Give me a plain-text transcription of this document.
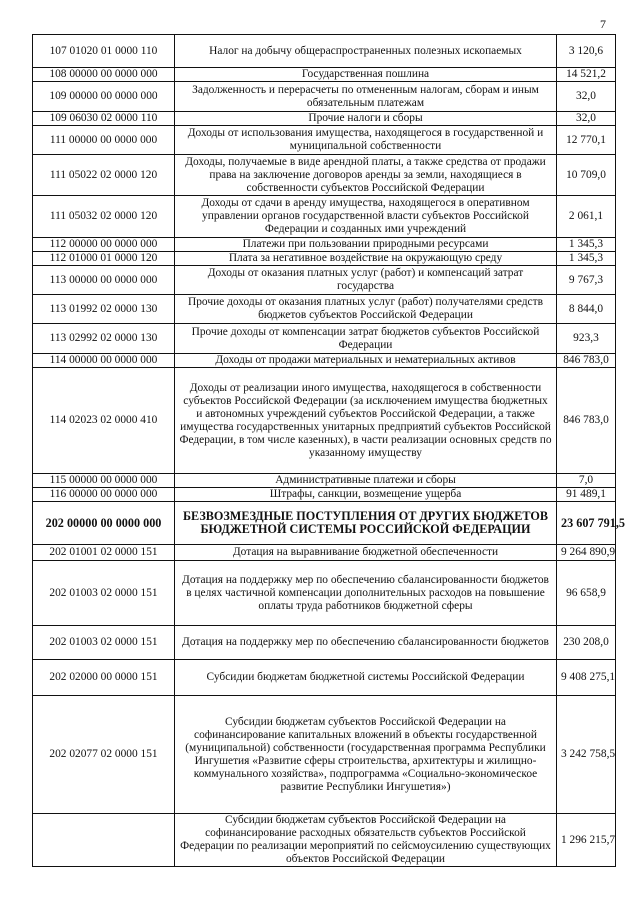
7
107 01020 01 0000 110	Налог на добычу общераспространенных полезных ископаемых	3 120,6
108 00000 00 0000 000	Государственная пошлина	14 521,2
109 00000 00 0000 000	Задолженность и перерасчеты по отмененным налогам, сборам и иным обязательным платежам	32,0
109 06030 02 0000 110	Прочие налоги и сборы	32,0
111 00000 00 0000 000	Доходы от использования имущества, находящегося в государственной и муниципальной собственности	12 770,1
111 05022 02 0000 120	Доходы, получаемые в виде арендной платы, а также средства от продажи права на заключение договоров аренды за земли, находящиеся в собственности субъектов Российской Федерации	10 709,0
111 05032 02 0000 120	Доходы от сдачи в аренду имущества, находящегося в оперативном управлении органов государственной власти субъектов Российской Федерации и созданных ими учреждений	2 061,1
112 00000 00 0000 000	Платежи при пользовании природными ресурсами	1 345,3
112 01000 01 0000 120	Плата за негативное воздействие на окружающую среду	1 345,3
113 00000 00 0000 000	Доходы от оказания платных услуг (работ) и компенсаций затрат государства	9 767,3
113 01992 02 0000 130	Прочие доходы от оказания платных услуг (работ) получателями средств бюджетов субъектов Российской Федерации	8 844,0
113 02992 02 0000 130	Прочие доходы от компенсации затрат бюджетов субъектов Российской Федерации	923,3
114 00000 00 0000 000	Доходы от продажи материальных и нематериальных активов	846 783,0
114 02023 02 0000 410	Доходы от реализации иного имущества, находящегося в собственности субъектов Российской Федерации (за исключением имущества бюджетных и автономных учреждений субъектов Российской Федерации, а также имущества государственных унитарных предприятий субъектов Российской Федерации, в том числе казенных), в части реализации основных средств по указанному имуществу	846 783,0
115 00000 00 0000 000	Административные платежи и сборы	7,0
116 00000 00 0000 000	Штрафы, санкции, возмещение ущерба	91 489,1
202 00000 00 0000 000	БЕЗВОЗМЕЗДНЫЕ ПОСТУПЛЕНИЯ ОТ ДРУГИХ БЮДЖЕТОВ БЮДЖЕТНОЙ СИСТЕМЫ РОССИЙСКОЙ ФЕДЕРАЦИИ	23 607 791,5
202 01001 02 0000 151	Дотация на выравнивание бюджетной обеспеченности	9 264 890,9
202 01003 02 0000 151	Дотация на поддержку мер по обеспечению сбалансированности бюджетов в целях частичной компенсации дополнительных расходов на повышение оплаты труда работников бюджетной сферы	96 658,9
202 01003 02 0000 151	Дотация на поддержку мер по обеспечению сбалансированности бюджетов	230 208,0
202 02000 00 0000 151	Субсидии бюджетам бюджетной системы Российской Федерации	9 408 275,1
202 02077 02 0000 151	Субсидии бюджетам субъектов Российской Федерации на софинансирование капитальных вложений в объекты государственной (муниципальной) собственности (государственная программа Республики Ингушетия «Развитие сферы строительства, архитектуры и жилищно-коммунального хозяйства», подпрограмма «Социально-экономическое развитие Республики Ингушетия»)	3 242 758,5
	Субсидии бюджетам субъектов Российской Федерации на софинансирование расходных обязательств субъектов Российской Федерации по реализации мероприятий по сейсмоусилению существующих объектов Российской Федерации	1 296 215,7
